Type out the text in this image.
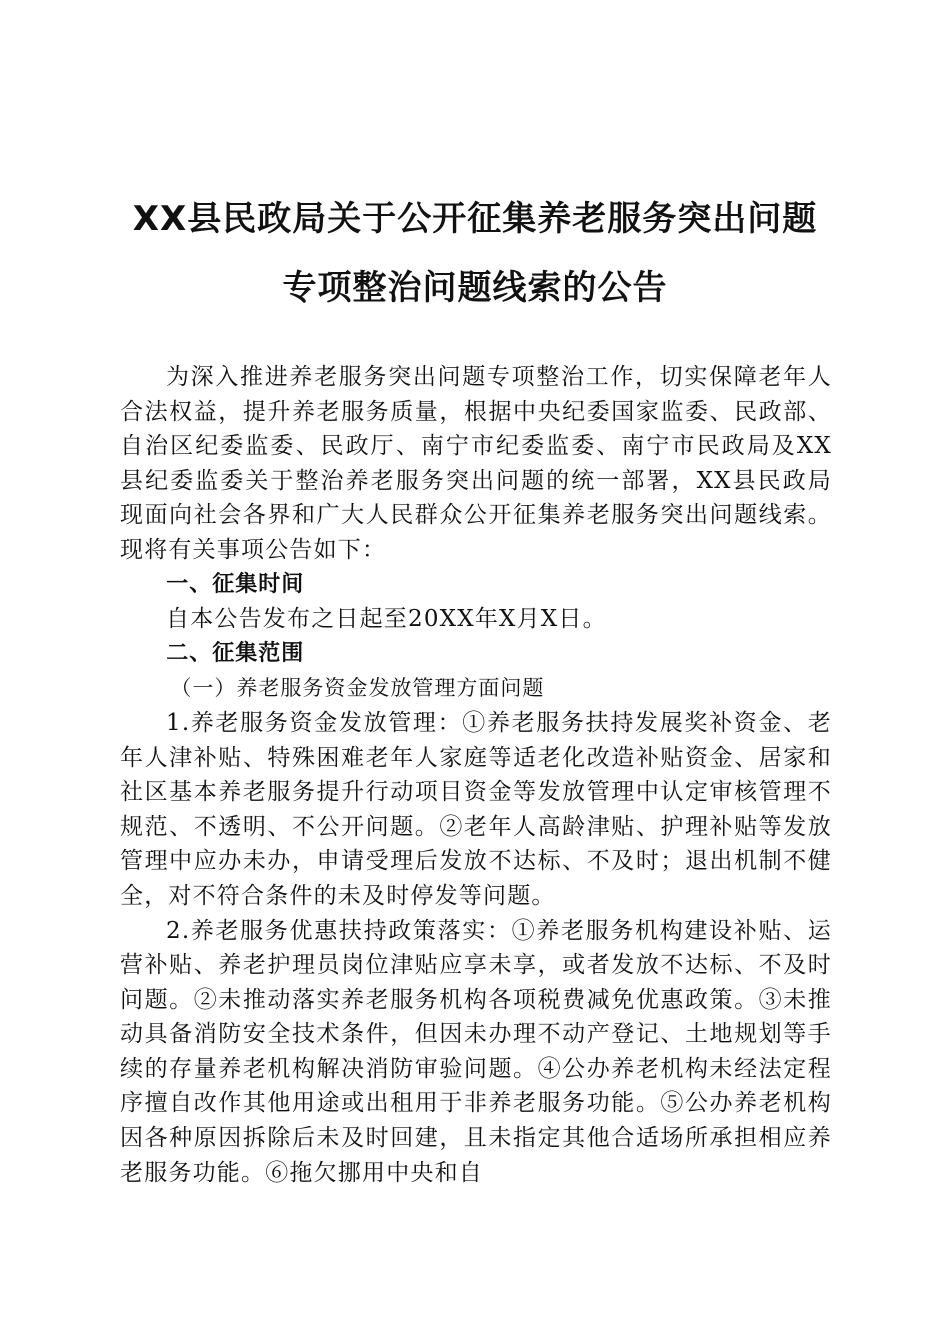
XX县民政局关于公开征集养老服务突出问题
专项整治问题线索的公告

为深入推进养老服务突出问题专项整治工作，切实保障老年人合法权益，提升养老服务质量，根据中央纪委国家监委、民政部、自治区纪委监委、民政厅、南宁市纪委监委、南宁市民政局及XX县纪委监委关于整治养老服务突出问题的统一部署，XX县民政局现面向社会各界和广大人民群众公开征集养老服务突出问题线索。现将有关事项公告如下：

一、征集时间

自本公告发布之日起至20XX年X月X日。

二、征集范围

（一）养老服务资金发放管理方面问题

1.养老服务资金发放管理：①养老服务扶持发展奖补资金、老年人津补贴、特殊困难老年人家庭等适老化改造补贴资金、居家和社区基本养老服务提升行动项目资金等发放管理中认定审核管理不规范、不透明、不公开问题。②老年人高龄津贴、护理补贴等发放管理中应办未办，申请受理后发放不达标、不及时；退出机制不健全，对不符合条件的未及时停发等问题。

2.养老服务优惠扶持政策落实：①养老服务机构建设补贴、运营补贴、养老护理员岗位津贴应享未享，或者发放不达标、不及时问题。②未推动落实养老服务机构各项税费减免优惠政策。③未推动具备消防安全技术条件，但因未办理不动产登记、土地规划等手续的存量养老机构解决消防审验问题。④公办养老机构未经法定程序擅自改作其他用途或出租用于非养老服务功能。⑤公办养老机构因各种原因拆除后未及时回建，且未指定其他合适场所承担相应养老服务功能。⑥拖欠挪用中央和自
